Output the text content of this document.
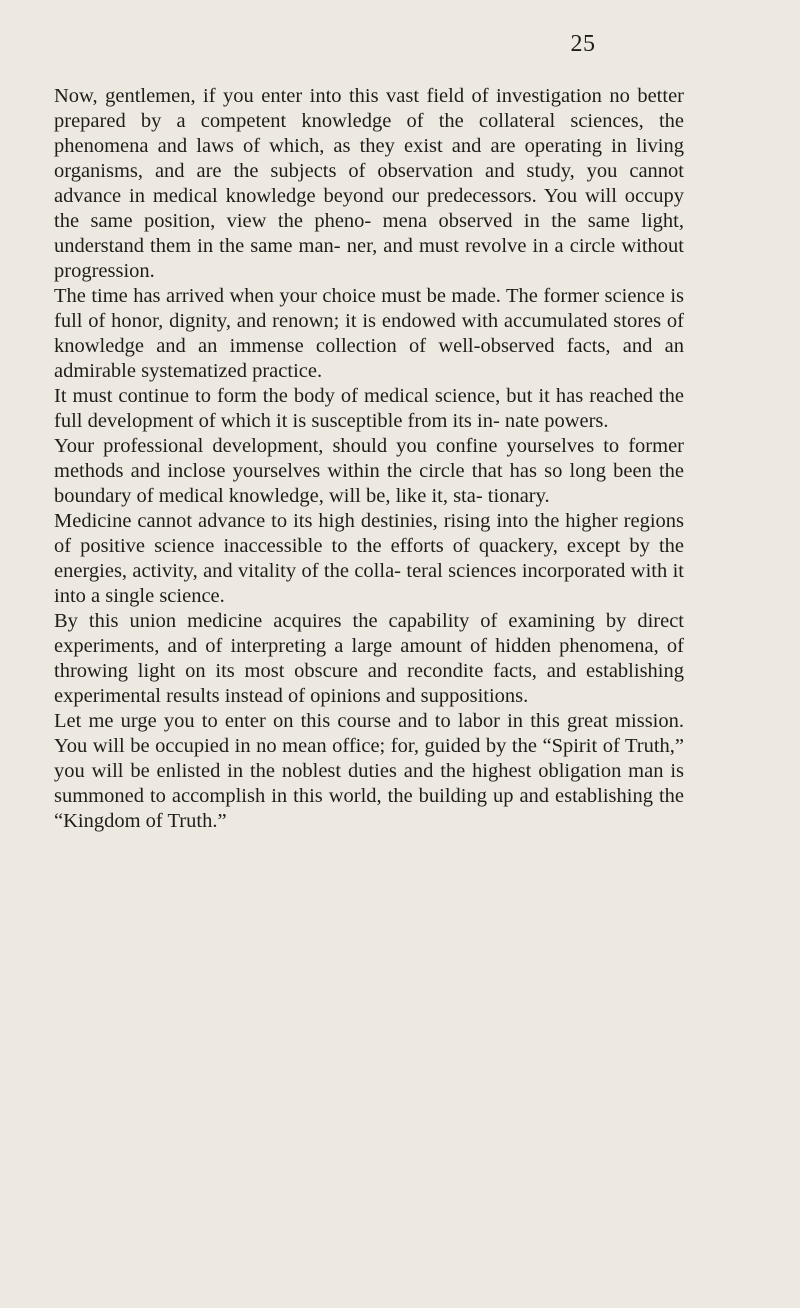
25

Now, gentlemen, if you enter into this vast field of investigation no better prepared by a competent knowledge of the collateral sciences, the phenomena and laws of which, as they exist and are operating in living organisms, and are the subjects of observation and study, you cannot advance in medical knowledge beyond our predecessors. You will occupy the same position, view the pheno- mena observed in the same light, understand them in the same man- ner, and must revolve in a circle without progression.

The time has arrived when your choice must be made. The former science is full of honor, dignity, and renown; it is endowed with accumulated stores of knowledge and an immense collection of well-observed facts, and an admirable systematized practice.

It must continue to form the body of medical science, but it has reached the full development of which it is susceptible from its in- nate powers.

Your professional development, should you confine yourselves to former methods and inclose yourselves within the circle that has so long been the boundary of medical knowledge, will be, like it, sta- tionary.

Medicine cannot advance to its high destinies, rising into the higher regions of positive science inaccessible to the efforts of quackery, except by the energies, activity, and vitality of the colla- teral sciences incorporated with it into a single science.

By this union medicine acquires the capability of examining by direct experiments, and of interpreting a large amount of hidden phenomena, of throwing light on its most obscure and recondite facts, and establishing experimental results instead of opinions and suppositions.

Let me urge you to enter on this course and to labor in this great mission. You will be occupied in no mean office; for, guided by the “Spirit of Truth,” you will be enlisted in the noblest duties and the highest obligation man is summoned to accomplish in this world, the building up and establishing the “Kingdom of Truth.”
